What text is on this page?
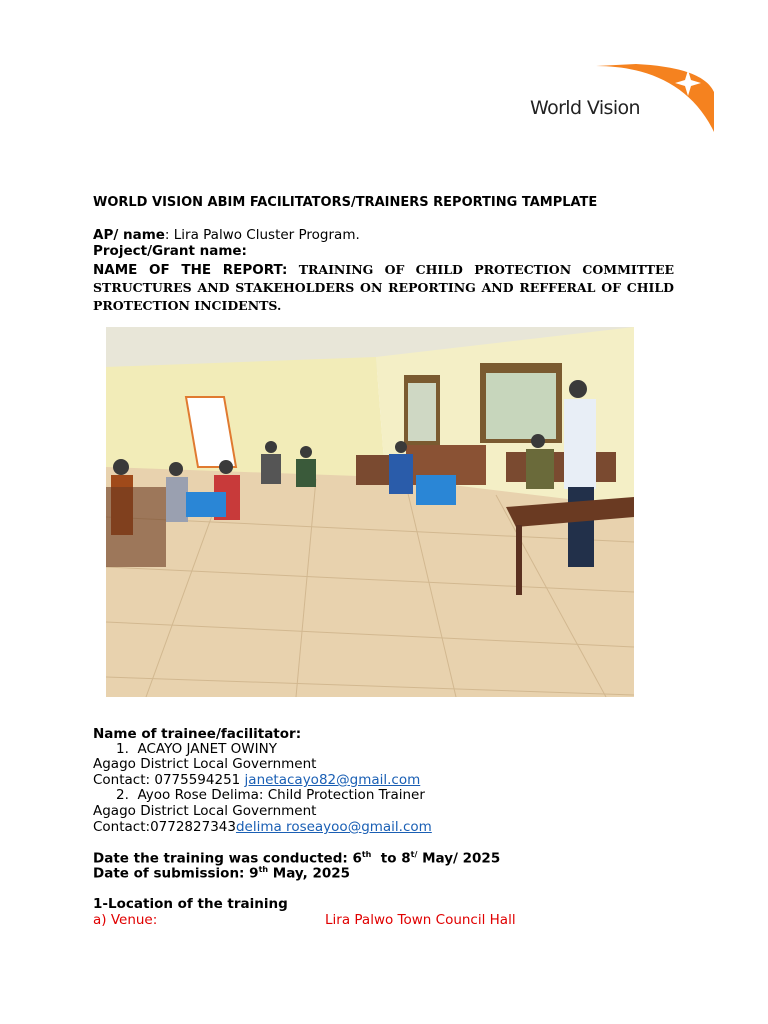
World Vision
WORLD VISION ABIM FACILITATORS/TRAINERS REPORTING TAMPLATE
AP/ name: Lira Palwo Cluster Program.
Project/Grant name:
NAME OF THE REPORT: TRAINING OF CHILD PROTECTION COMMITTEE STRUCTURES AND STAKEHOLDERS ON REPORTING AND REFFERAL OF CHILD PROTECTION INCIDENTS.
Name of trainee/facilitator:
1. ACAYO JANET OWINY
Agago District Local Government
Contact: 0775594251 janetacayo82@gmail.com
2. Ayoo Rose Delima: Child Protection Trainer
Agago District Local Government
Contact:0772827343delima roseayoo@gmail.com
Date the training was conducted: 6th  to $8^{t/}$ May/ 2025
Date of submission: 9th May, 2025
1-Location of the training
a) Venue:	Lira Palwo Town Council Hall
